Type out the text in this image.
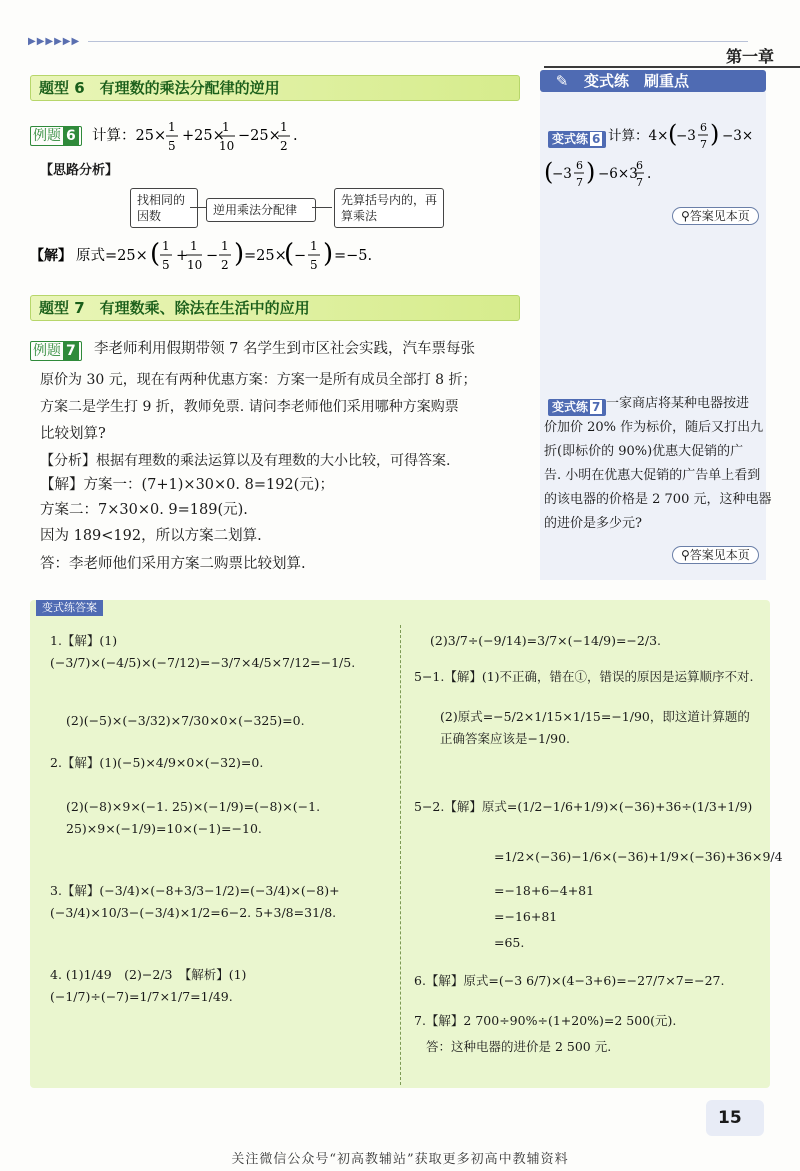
▶▶▶▶▶▶
第一章
题型 6　有理数的乘法分配律的逆用
例题 6	计算：25×
1
5
+25×
1
10
−25×
1
2
.
【思路分析】
找相同的因数	逆用乘法分配律
先算括号内的，再算乘法
【解】 原式=25× ( 1
5
+
1
10
−
1
2 ) =25×
( −
1
5 ) =−5.
题型 7　有理数乘、除法在生活中的应用
例题 7	李老师利用假期带领 7 名学生到市区社会实践，汽车票每张
原价为 30 元，现在有两种优惠方案：方案一是所有成员全部打 8 折；
方案二是学生打 9 折，教师免票. 请问李老师他们采用哪种方案购票
比较划算?
【分析】根据有理数的乘法运算以及有理数的大小比较，可得答案.
【解】方案一：(7+1)×30×0. 8=192(元)；
方案二：7×30×0. 9=189(元).
因为 189<192，所以方案二划算.
答：李老师他们采用方案二购票比较划算.
✎ 变式练　刷重点
变式练 6 计算：4× (
−3
6
7 ) −3×
(
−3
6
7 ) −6×3
6
7
.
⚲答案见本页
变式练 7 一家商店将某种电器按进
价加价 20% 作为标价，随后又打出九
折(即标价的 90%)优惠大促销的广
告. 小明在优惠大促销的广告单上看到
的该电器的价格是 2 700 元，这种电器
的进价是多少元?
⚲答案见本页
变式练答案
1.【解】(1)(−3/7)×(−4/5)×(−7/12)=−3/7×4/5×7/12=−1/5.
(2)(−5)×(−3/32)×7/30×0×(−325)=0.
2.【解】(1)(−5)×4/9×0×(−32)=0.
(2)(−8)×9×(−1. 25)×(−1/9)=(−8)×(−1. 25)×9×(−1/9)=10×(−1)=−10.
3.【解】(−3/4)×(−8+3/3−1/2)=(−3/4)×(−8)+(−3/4)×10/3−(−3/4)×1/2=6−2. 5+3/8=31/8.
4. (1)1/49　(2)−2/3　【解析】(1)(−1/7)÷(−7)=1/7×1/7=1/49.
(2)3/7÷(−9/14)=3/7×(−14/9)=−2/3.
5−1.【解】(1)不正确，错在①，错误的原因是运算顺序不对.
(2)原式=−5/2×1/15×1/15=−1/90，即这道计算题的正确答案应该是−1/90.
5−2.【解】原式=(1/2−1/6+1/9)×(−36)+36÷(1/3+1/9)
=1/2×(−36)−1/6×(−36)+1/9×(−36)+36×9/4
=−18+6−4+81
=−16+81
=65.
6.【解】原式=(−3 6/7)×(4−3+6)=−27/7×7=−27.
7.【解】2 700÷90%÷(1+20%)=2 500(元).
答：这种电器的进价是 2 500 元.
15
关注微信公众号“初高教辅站”获取更多初高中教辅资料
